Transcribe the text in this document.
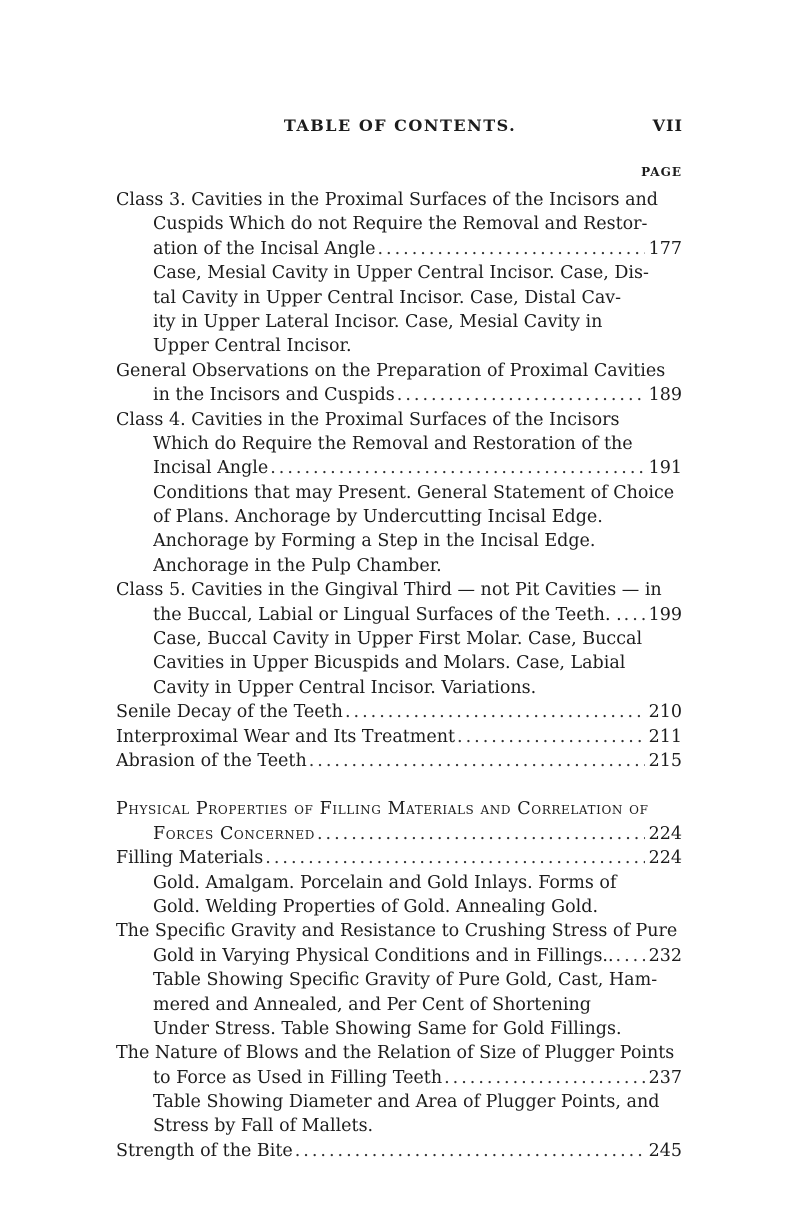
TABLE OF CONTENTS.	VII
PAGE
Class 3. Cavities in the Proximal Surfaces of the Incisors and
Cuspids Which do not Require the Removal and Restor-
ation of the Incisal Angle .....	177
Case, Mesial Cavity in Upper Central Incisor. Case, Dis-
tal Cavity in Upper Central Incisor. Case, Distal Cav-
ity in Upper Lateral Incisor. Case, Mesial Cavity in
Upper Central Incisor.
General Observations on the Preparation of Proximal Cavities
in the Incisors and Cuspids .....	189
Class 4. Cavities in the Proximal Surfaces of the Incisors
Which do Require the Removal and Restoration of the
Incisal Angle .....	191
Conditions that may Present. General Statement of Choice
of Plans. Anchorage by Undercutting Incisal Edge.
Anchorage by Forming a Step in the Incisal Edge.
Anchorage in the Pulp Chamber.
Class 5. Cavities in the Gingival Third — not Pit Cavities — in
the Buccal, Labial or Lingual Surfaces of the Teeth. . ..... 199
Case, Buccal Cavity in Upper First Molar. Case, Buccal
Cavities in Upper Bicuspids and Molars. Case, Labial
Cavity in Upper Central Incisor. Variations.
Senile Decay of the Teeth .....	210
Interproximal Wear and Its Treatment .....	211
Abrasion of the Teeth .....	215
Physical Properties of Filling Materials and Correlation of
Forces Concerned .....	224
Filling Materials .....	224
Gold. Amalgam. Porcelain and Gold Inlays. Forms of
Gold. Welding Properties of Gold. Annealing Gold.
The Specific Gravity and Resistance to Crushing Stress of Pure
Gold in Varying Physical Conditions and in Fillings.. ..... 232
Table Showing Specific Gravity of Pure Gold, Cast, Ham-
mered and Annealed, and Per Cent of Shortening
Under Stress. Table Showing Same for Gold Fillings.
The Nature of Blows and the Relation of Size of Plugger Points
to Force as Used in Filling Teeth .....	237
Table Showing Diameter and Area of Plugger Points, and
Stress by Fall of Mallets.
Strength of the Bite .....	245
